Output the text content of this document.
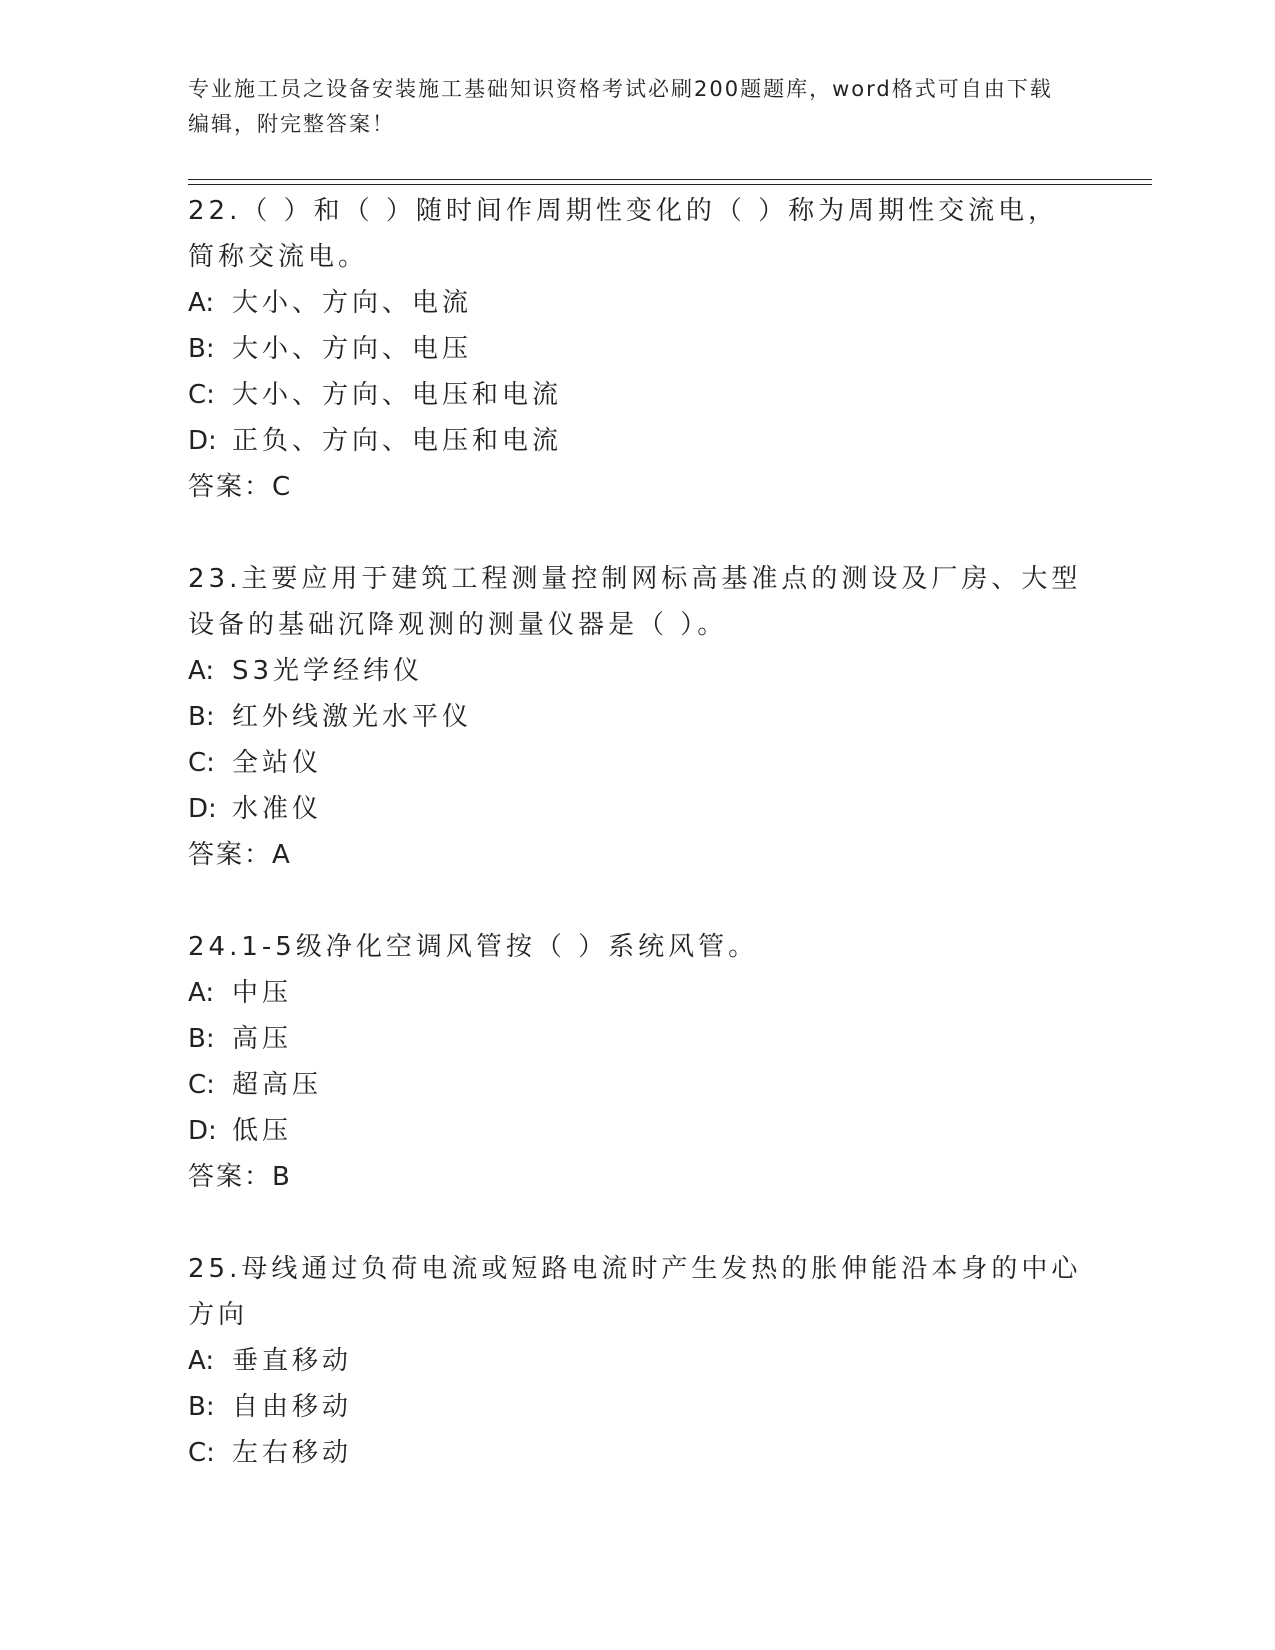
专业施工员之设备安装施工基础知识资格考试必刷200题题库，word格式可自由下载编辑，附完整答案！
22.（ ）和（ ）随时间作周期性变化的（ ）称为周期性交流电，简称交流电。
A: 大小、方向、电流
B: 大小、方向、电压
C: 大小、方向、电压和电流
D: 正负、方向、电压和电流
答案：C
23.主要应用于建筑工程测量控制网标高基准点的测设及厂房、大型设备的基础沉降观测的测量仪器是（ ）。
A: S3光学经纬仪
B: 红外线激光水平仪
C: 全站仪
D: 水准仪
答案：A
24.1-5级净化空调风管按（ ）系统风管。
A: 中压
B: 高压
C: 超高压
D: 低压
答案：B
25.母线通过负荷电流或短路电流时产生发热的胀伸能沿本身的中心方向
A: 垂直移动
B: 自由移动
C: 左右移动
